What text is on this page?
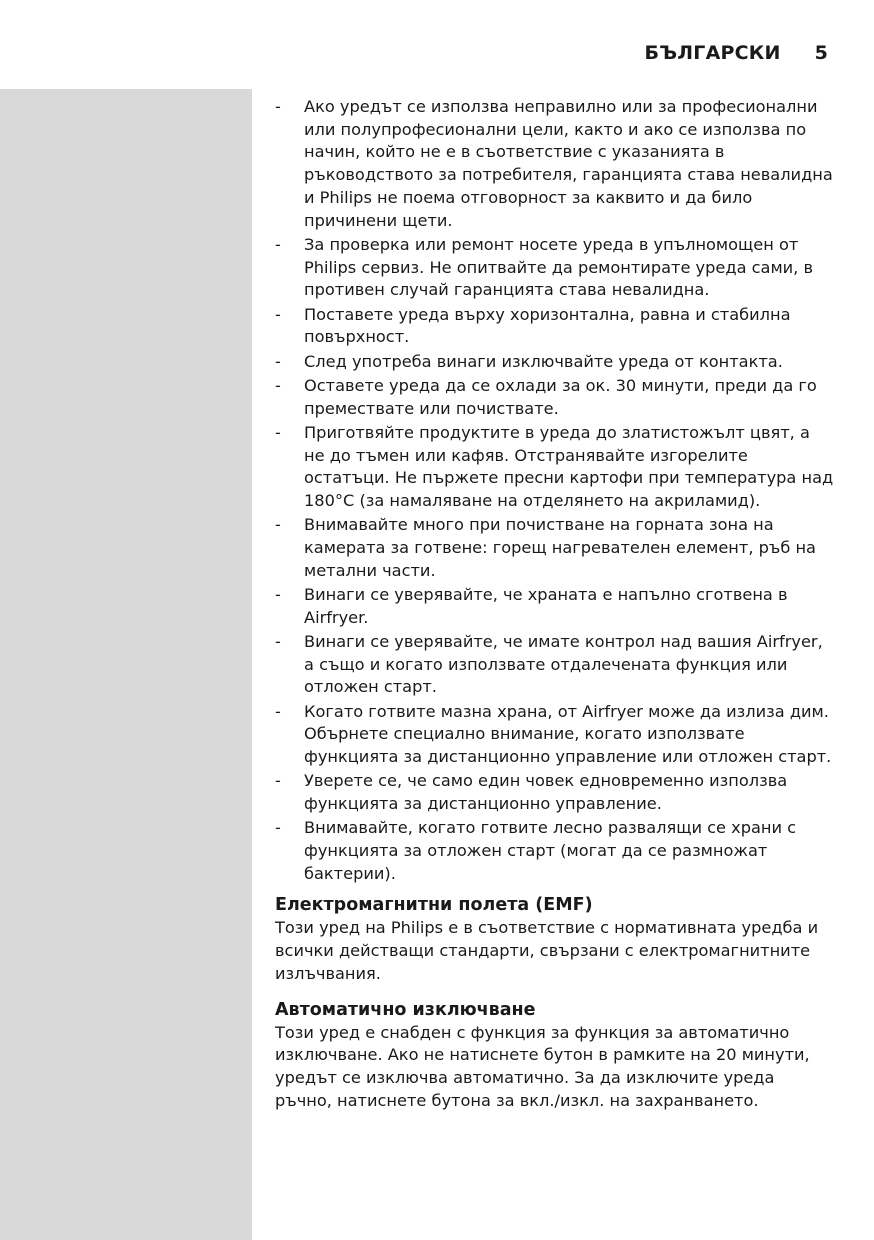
БЪЛГАРСКИ 5
- Ако уредът се използва неправилно или за професионални или полупрофесионални цели, както и ако се използва по начин, който не е в съответствие с указанията в ръководството за потребителя, гаранцията става невалидна и Philips не поема отговорност за каквито и да било причинени щети.
- За проверка или ремонт носете уреда в упълномощен от Philips сервиз. Не опитвайте да ремонтирате уреда сами, в противен случай гаранцията става невалидна.
- Поставете уреда върху хоризонтална, равна и стабилна повърхност.
- След употреба винаги изключвайте уреда от контакта.
- Оставете уреда да се охлади за ок. 30 минути, преди да го премествате или почиствате.
- Приготвяйте продуктите в уреда до златистожълт цвят, а не до тъмен или кафяв. Отстранявайте изгорелите остатъци. Не пържете пресни картофи при температура над 180°C (за намаляване на отделянето на акриламид).
- Внимавайте много при почистване на горната зона на камерата за готвене: горещ нагревателен елемент, ръб на метални части.
- Винаги се уверявайте, че храната е напълно сготвена в Airfryer.
- Винаги се уверявайте, че имате контрол над вашия Airfryer, а също и когато използвате отдалечената функция или отложен старт.
- Когато готвите мазна храна, от Airfryer може да излиза дим. Обърнете специално внимание, когато използвате функцията за дистанционно управление или отложен старт.
- Уверете се, че само един човек едновременно използва функцията за дистанционно управление.
- Внимавайте, когато готвите лесно развалящи се храни с функцията за отложен старт (могат да се размножат бактерии).
Електромагнитни полета (EMF)

Този уред на Philips е в съответствие с нормативната уредба и всички действащи стандарти, свързани с електромагнитните излъчвания.

Автоматично изключване

Този уред е снабден с функция за функция за автоматично изключване. Ако не натиснете бутон в рамките на 20 минути, уредът се изключва автоматично. За да изключите уреда ръчно, натиснете бутона за вкл./изкл. на захранването.
